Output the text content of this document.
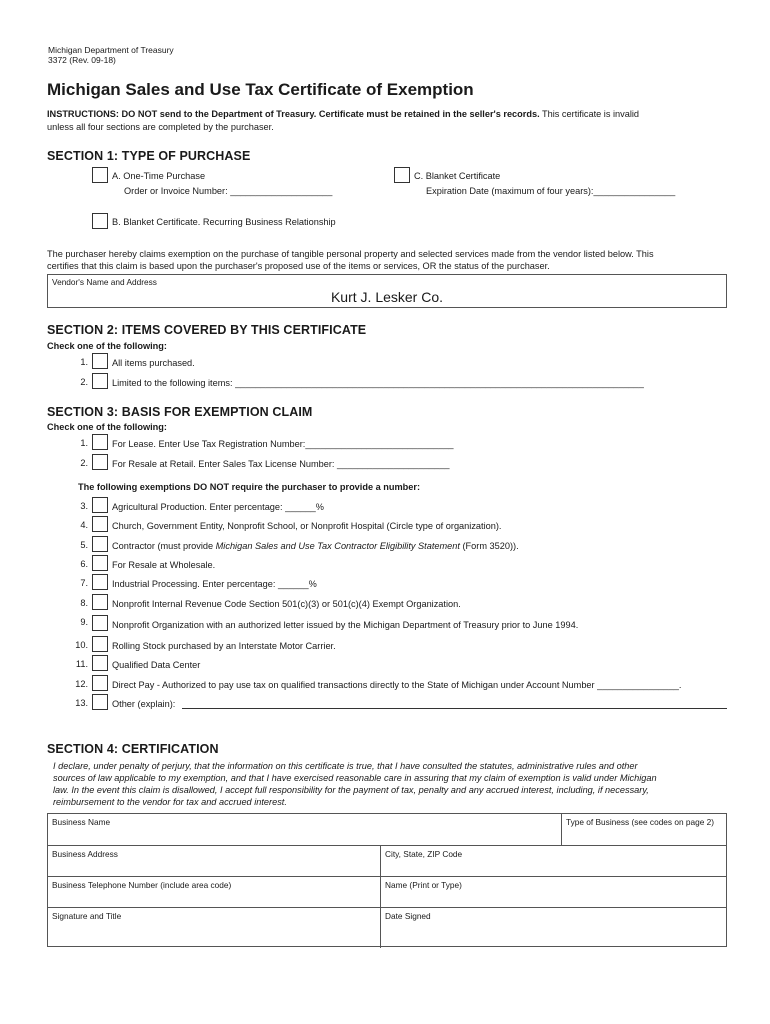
Michigan Department of Treasury
3372 (Rev. 09-18)
Michigan Sales and Use Tax Certificate of Exemption
INSTRUCTIONS: DO NOT send to the Department of Treasury. Certificate must be retained in the seller's records. This certificate is invalid
unless all four sections are completed by the purchaser.
SECTION 1: TYPE OF PURCHASE
A. One-Time Purchase
Order or Invoice Number: ____________________
C. Blanket Certificate
Expiration Date (maximum of four years):________________
B. Blanket Certificate. Recurring Business Relationship
The purchaser hereby claims exemption on the purchase of tangible personal property and selected services made from the vendor listed below. This
certifies that this claim is based upon the purchaser's proposed use of the items or services, OR the status of the purchaser.
Vendor's Name and Address
Kurt J. Lesker Co.
SECTION 2: ITEMS COVERED BY THIS CERTIFICATE
Check one of the following:
1.	All items purchased.
2.	Limited to the following items: ________________________________________________________________________________
SECTION 3: BASIS FOR EXEMPTION CLAIM
Check one of the following:
1.	For Lease. Enter Use Tax Registration Number:_____________________________
2.	For Resale at Retail. Enter Sales Tax License Number: ______________________
The following exemptions DO NOT require the purchaser to provide a number:
3.	Agricultural Production. Enter percentage: ______%
4.	Church, Government Entity, Nonprofit School, or Nonprofit Hospital (Circle type of organization).
5.	Contractor (must provide Michigan Sales and Use Tax Contractor Eligibility Statement (Form 3520)).
6.	For Resale at Wholesale.
7.	Industrial Processing. Enter percentage: ______%
8.	Nonprofit Internal Revenue Code Section 501(c)(3) or 501(c)(4) Exempt Organization.
9.	Nonprofit Organization with an authorized letter issued by the Michigan Department of Treasury prior to June 1994.
10.	Rolling Stock purchased by an Interstate Motor Carrier.
11.	Qualified Data Center
12.	Direct Pay - Authorized to pay use tax on qualified transactions directly to the State of Michigan under Account Number ________________.
13.	Other (explain):
SECTION 4: CERTIFICATION
I declare, under penalty of perjury, that the information on this certificate is true, that I have consulted the statutes, administrative rules and other
sources of law applicable to my exemption, and that I have exercised reasonable care in assuring that my claim of exemption is valid under Michigan
law. In the event this claim is disallowed, I accept full responsibility for the payment of tax, penalty and any accrued interest, including, if necessary,
reimbursement to the vendor for tax and accrued interest.
Business Name	Type of Business (see codes on page 2)
Business Address	City, State, ZIP Code
Business Telephone Number (include area code)	Name (Print or Type)
Signature and Title	Date Signed
